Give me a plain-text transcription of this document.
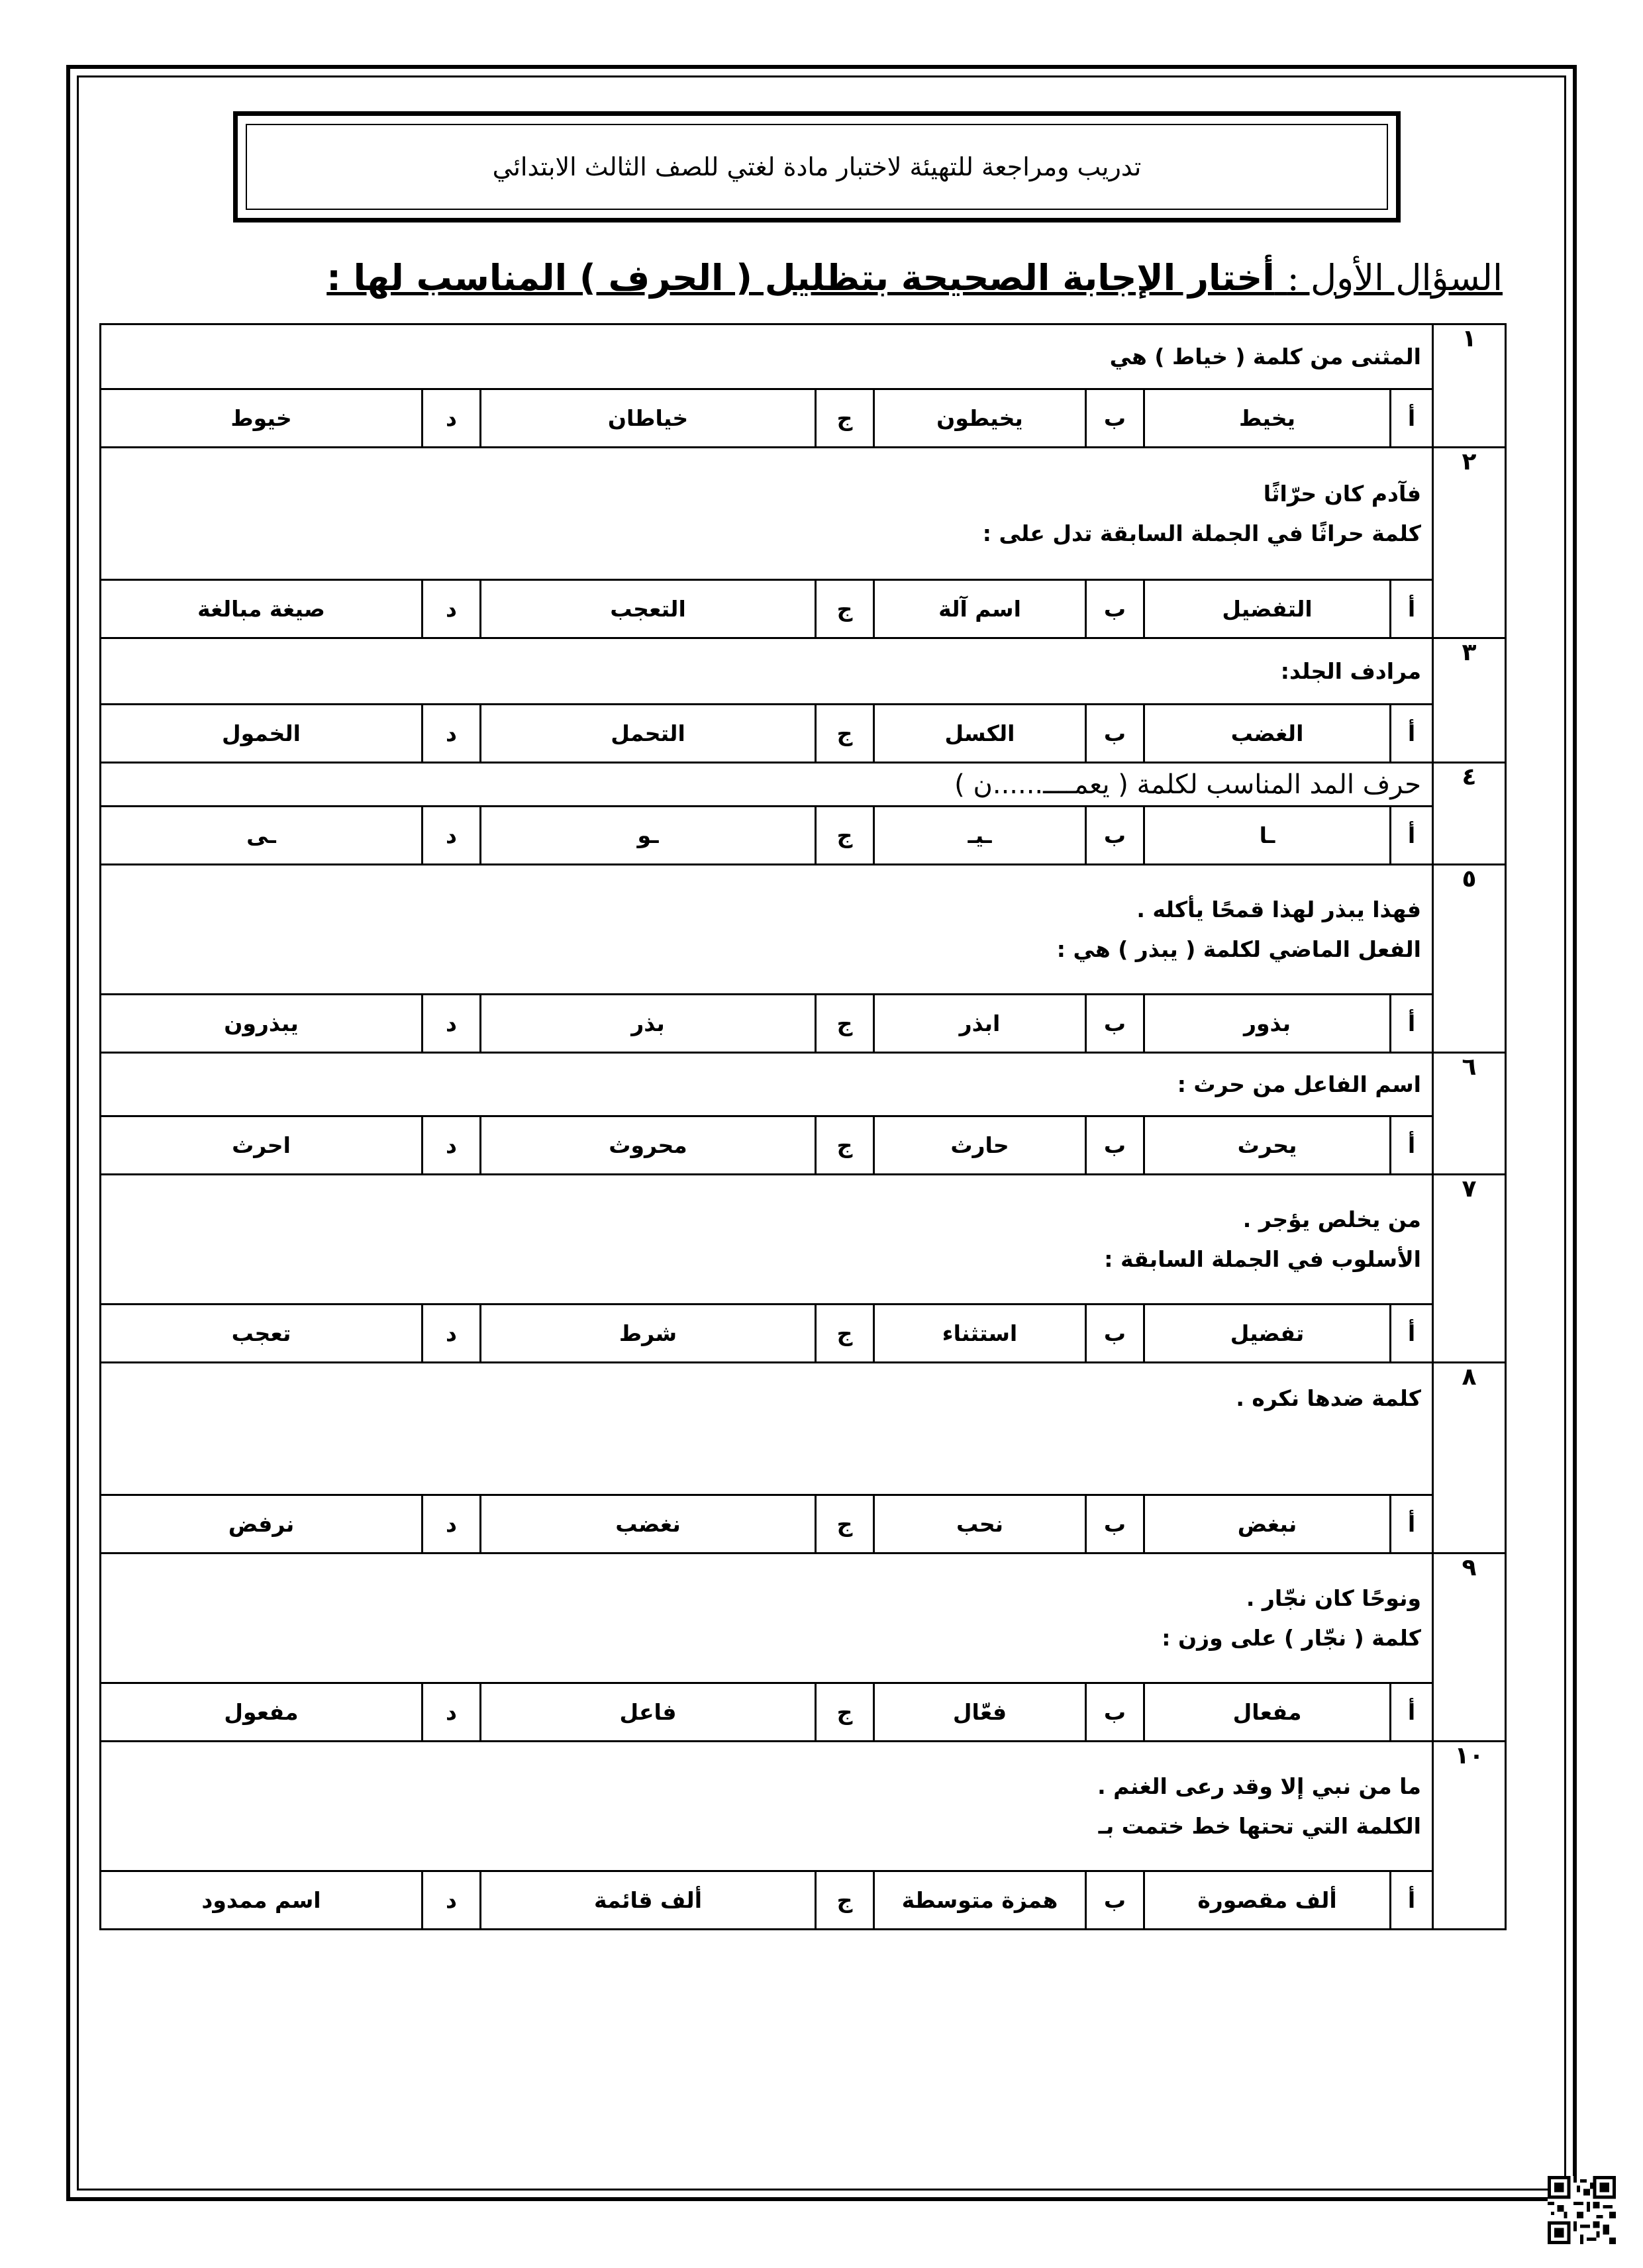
تدريب ومراجعة للتهيئة لاختبار مادة لغتي للصف الثالث الابتدائي
السؤال الأول : أختار الإجابة الصحيحة بتظليل ( الحرف ) المناسب لها :
١	المثنى من كلمة ( خياط ) هي							

	أ	يخيط	ب	يخيطون	ج	خياطان	د	خيوط
٢	فآدم كان حرّاثًا
كلمة حراثًا في الجملة السابقة تدل على :							

	أ	التفضيل	ب	اسم آلة	ج	التعجب	د	صيغة مبالغة
٣	مرادف الجلد:							

	أ	الغضب	ب	الكسل	ج	التحمل	د	الخمول
٤	حرف المد المناسب لكلمة ( يعمــــ......ن )							

	أ	ـا	ب	ـيـ	ج	ـو	د	ـى
٥	فهذا يبذر لهذا قمحًا يأكله .
الفعل الماضي لكلمة ( يبذر ) هي :							

	أ	بذور	ب	ابذر	ج	بذر	د	يبذرون
٦	اسم الفاعل من حرث :							

	أ	يحرث	ب	حارث	ج	محروث	د	احرث
٧	من يخلص يؤجر .
الأسلوب في الجملة السابقة :							

	أ	تفضيل	ب	استثناء	ج	شرط	د	تعجب
٨	كلمة ضدها نكره .							

	أ	نبغض	ب	نحب	ج	نغضب	د	نرفض
٩	ونوحًا كان نجّار .
كلمة ( نجّار ) على وزن :							

	أ	مفعال	ب	فعّال	ج	فاعل	د	مفعول
١٠	ما من نبي إلا وقد رعى الغنم .
الكلمة التي تحتها خط ختمت بـ							

	أ	ألف مقصورة	ب	همزة متوسطة	ج	ألف قائمة	د	اسم ممدود
